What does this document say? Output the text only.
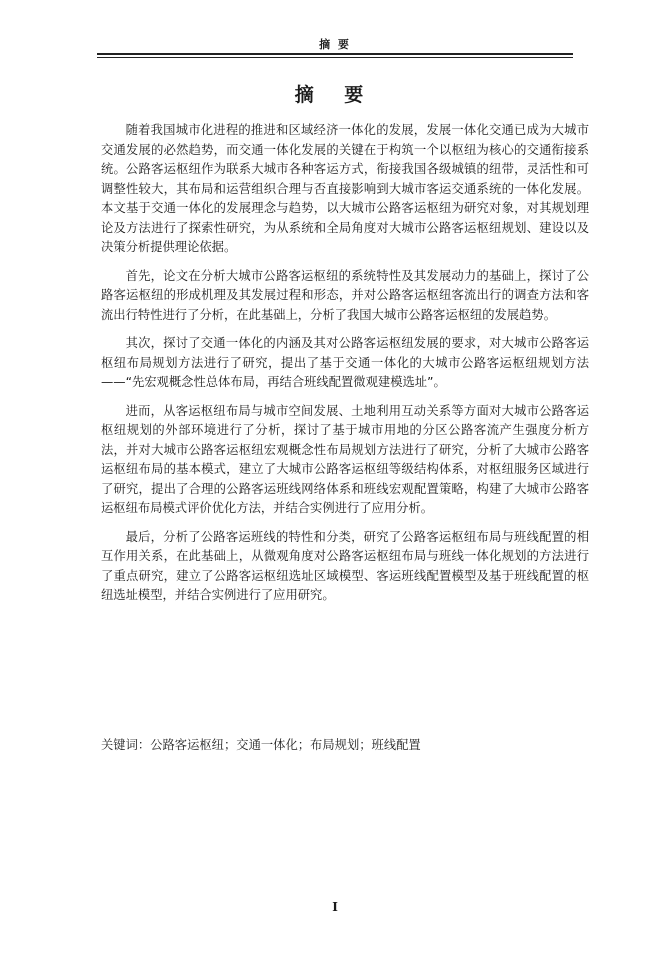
摘 要
摘 要

随着我国城市化进程的推进和区域经济一体化的发展，发展一体化交通已成为大城市交通发展的必然趋势，而交通一体化发展的关键在于构筑一个以枢纽为核心的交通衔接系统。公路客运枢纽作为联系大城市各种客运方式，衔接我国各级城镇的纽带，灵活性和可调整性较大，其布局和运营组织合理与否直接影响到大城市客运交通系统的一体化发展。本文基于交通一体化的发展理念与趋势，以大城市公路客运枢纽为研究对象，对其规划理论及方法进行了探索性研究，为从系统和全局角度对大城市公路客运枢纽规划、建设以及决策分析提供理论依据。

首先，论文在分析大城市公路客运枢纽的系统特性及其发展动力的基础上，探讨了公路客运枢纽的形成机理及其发展过程和形态，并对公路客运枢纽客流出行的调查方法和客流出行特性进行了分析，在此基础上，分析了我国大城市公路客运枢纽的发展趋势。

其次，探讨了交通一体化的内涵及其对公路客运枢纽发展的要求，对大城市公路客运枢纽布局规划方法进行了研究，提出了基于交通一体化的大城市公路客运枢纽规划方法——“先宏观概念性总体布局，再结合班线配置微观建模选址”。

进而，从客运枢纽布局与城市空间发展、土地利用互动关系等方面对大城市公路客运枢纽规划的外部环境进行了分析，探讨了基于城市用地的分区公路客流产生强度分析方法，并对大城市公路客运枢纽宏观概念性布局规划方法进行了研究，分析了大城市公路客运枢纽布局的基本模式，建立了大城市公路客运枢纽等级结构体系，对枢纽服务区域进行了研究，提出了合理的公路客运班线网络体系和班线宏观配置策略，构建了大城市公路客运枢纽布局模式评价优化方法，并结合实例进行了应用分析。

最后，分析了公路客运班线的特性和分类，研究了公路客运枢纽布局与班线配置的相互作用关系，在此基础上，从微观角度对公路客运枢纽布局与班线一体化规划的方法进行了重点研究，建立了公路客运枢纽选址区域模型、客运班线配置模型及基于班线配置的枢纽选址模型，并结合实例进行了应用研究。

关键词：公路客运枢纽；交通一体化；布局规划；班线配置
I
